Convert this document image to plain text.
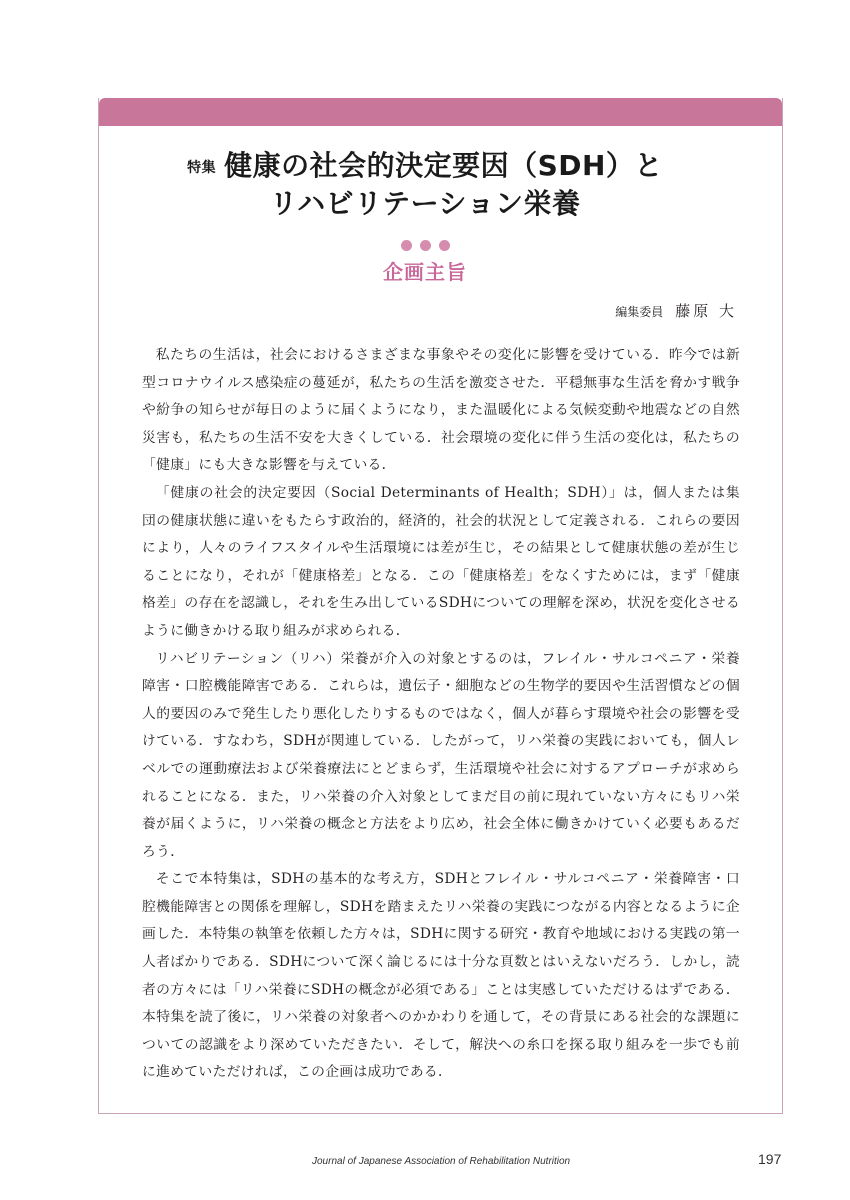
特集 健康の社会的決定要因（SDH）と
リハビリテーション栄養
企画主旨
編集委員 藤原 大

私たちの生活は，社会におけるさまざまな事象やその変化に影響を受けている．昨今では新型コロナウイルス感染症の蔓延が，私たちの生活を激変させた．平穏無事な生活を脅かす戦争や紛争の知らせが毎日のように届くようになり，また温暖化による気候変動や地震などの自然災害も，私たちの生活不安を大きくしている．社会環境の変化に伴う生活の変化は，私たちの「健康」にも大きな影響を与えている．

「健康の社会的決定要因（Social Determinants of Health；SDH）」は，個人または集団の健康状態に違いをもたらす政治的，経済的，社会的状況として定義される．これらの要因により，人々のライフスタイルや生活環境には差が生じ，その結果として健康状態の差が生じることになり，それが「健康格差」となる．この「健康格差」をなくすためには，まず「健康格差」の存在を認識し，それを生み出しているSDHについての理解を深め，状況を変化させるように働きかける取り組みが求められる．

リハビリテーション（リハ）栄養が介入の対象とするのは，フレイル・サルコペニア・栄養障害・口腔機能障害である．これらは，遺伝子・細胞などの生物学的要因や生活習慣などの個人的要因のみで発生したり悪化したりするものではなく，個人が暮らす環境や社会の影響を受けている．すなわち，SDHが関連している．したがって，リハ栄養の実践においても，個人レベルでの運動療法および栄養療法にとどまらず，生活環境や社会に対するアプローチが求められることになる．また，リハ栄養の介入対象としてまだ目の前に現れていない方々にもリハ栄養が届くように，リハ栄養の概念と方法をより広め，社会全体に働きかけていく必要もあるだろう．

そこで本特集は，SDHの基本的な考え方，SDHとフレイル・サルコペニア・栄養障害・口腔機能障害との関係を理解し，SDHを踏まえたリハ栄養の実践につながる内容となるように企画した．本特集の執筆を依頼した方々は，SDHに関する研究・教育や地域における実践の第一人者ばかりである．SDHについて深く論じるには十分な頁数とはいえないだろう．しかし，読者の方々には「リハ栄養にSDHの概念が必須である」ことは実感していただけるはずである．本特集を読了後に，リハ栄養の対象者へのかかわりを通して，その背景にある社会的な課題についての認識をより深めていただきたい．そして，解決への糸口を探る取り組みを一歩でも前に進めていただければ，この企画は成功である．

Journal of Japanese Association of Rehabilitation Nutrition	197
